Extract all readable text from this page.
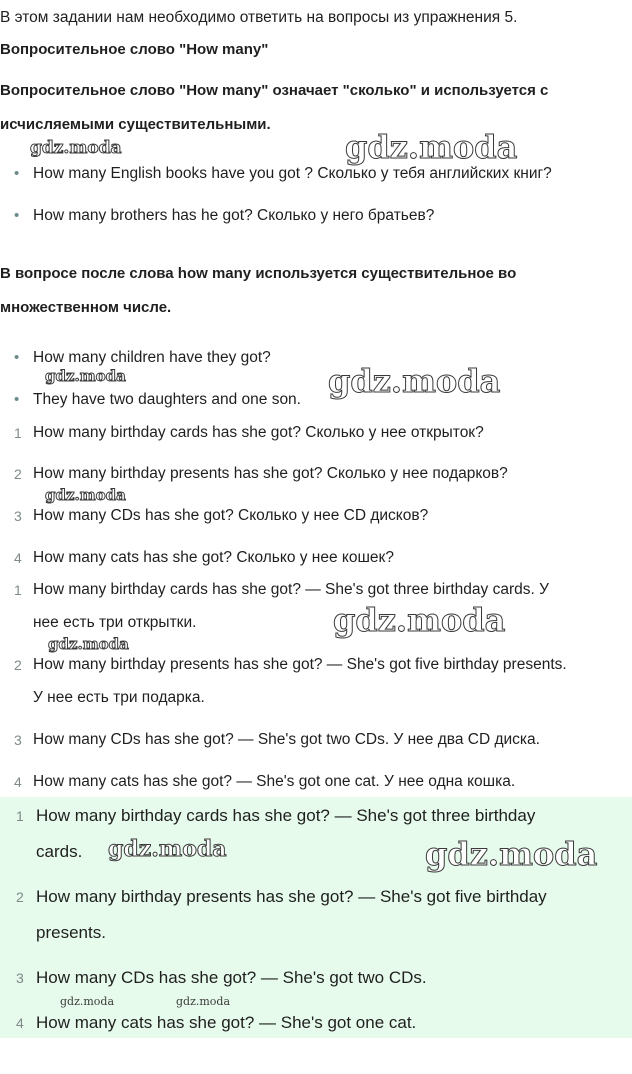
В этом задании нам необходимо ответить на вопросы из упражнения 5.
Вопросительное слово "How many"
Вопросительное слово "How many" означает "сколько" и используется с
исчисляемыми существительными.
• How many English books have you got ? Сколько у тебя английских книг?
• How many brothers has he got? Сколько у него братьев?
В вопросе после слова how many используется существительное во
множественном числе.
• How many children have they got?
• They have two daughters and one son.
1 How many birthday cards has she got? Сколько у нее открыток?
2 How many birthday presents has she got? Сколько у нее подарков?
3 How many CDs has she got? Сколько у нее CD дисков?
4 How many cats has she got? Сколько у нее кошек?
1 How many birthday cards has she got? — She's got three birthday cards. У
нее есть три открытки.
2 How many birthday presents has she got? — She's got five birthday presents.
У нее есть три подарка.
3 How many CDs has she got? — She's got two CDs. У нее два CD диска.
4 How many cats has she got? — She's got one cat. У нее одна кошка.
1 How many birthday cards has she got? — She's got three birthday
cards.
2 How many birthday presents has she got? — She's got five birthday
presents.
3 How many CDs has she got? — She's got two CDs.
4 How many cats has she got? — She's got one cat.
gdz.moda	gdz.moda
gdz.moda	gdz.moda
gdz.moda
gdz.moda
gdz.moda
gdz.moda	gdz.moda
gdz.moda	gdz.moda
